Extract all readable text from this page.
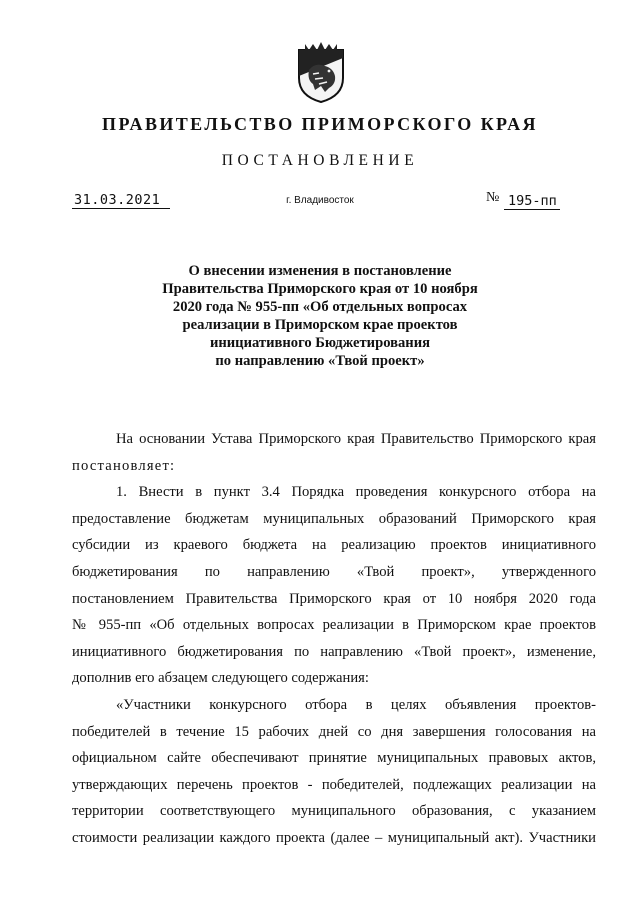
ПРАВИТЕЛЬСТВО ПРИМОРСКОГО КРАЯ
ПОСТАНОВЛЕНИЕ
31.03.2021	г. Владивосток	№ 195-пп
О внесении изменения в постановление
Правительства Приморского края от 10 ноября
2020 года № 955-пп «Об отдельных вопросах
реализации в Приморском крае проектов
инициативного Бюджетирования
по направлению «Твой проект»
На основании Устава Приморского края Правительство Приморского края
постановляет:
1. Внести в пункт 3.4 Порядка проведения конкурсного отбора на
предоставление бюджетам муниципальных образований Приморского края
субсидии из краевого бюджета на реализацию проектов инициативного
бюджетирования по направлению «Твой проект», утвержденного
постановлением Правительства Приморского края от 10 ноября 2020 года
№ 955-пп «Об отдельных вопросах реализации в Приморском крае проектов
инициативного бюджетирования по направлению «Твой проект», изменение,
дополнив его абзацем следующего содержания:
«Участники конкурсного отбора в целях объявления проектов-
победителей в течение 15 рабочих дней со дня завершения голосования на
официальном сайте обеспечивают принятие муниципальных правовых актов,
утверждающих перечень проектов - победителей, подлежащих реализации на
территории соответствующего муниципального образования, с указанием
стоимости реализации каждого проекта (далее – муниципальный акт). Участники
